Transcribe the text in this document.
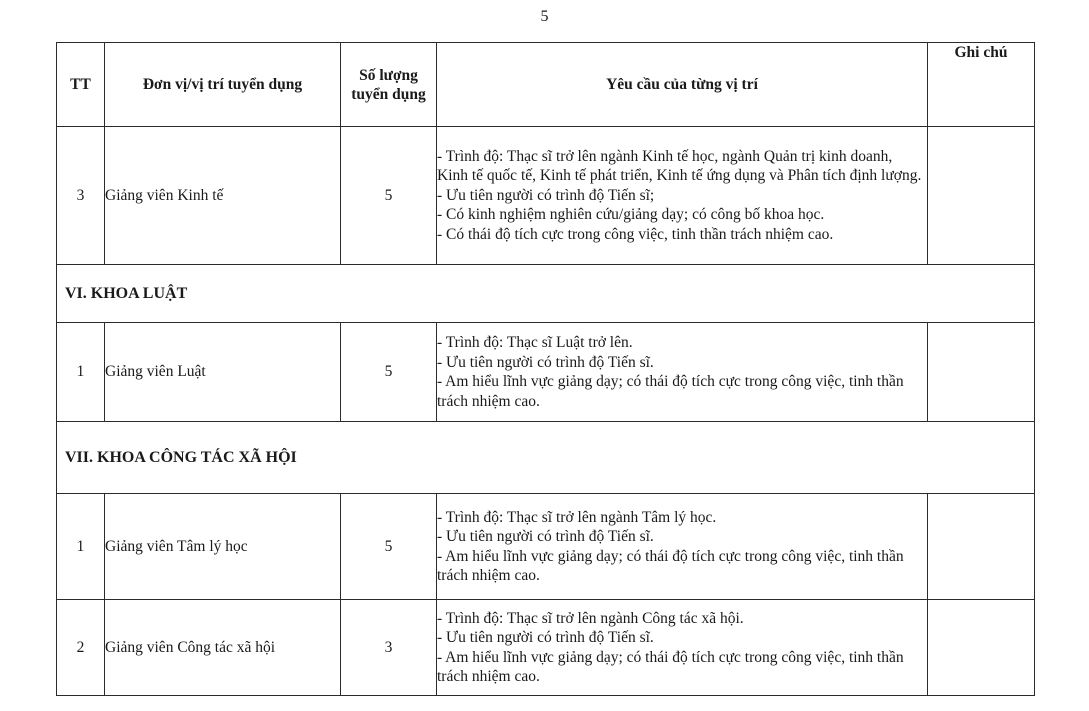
5
TT	Đơn vị/vị trí tuyển dụng	Số lượng tuyển dụng	Yêu cầu của từng vị trí	Ghi chú
3	Giảng viên Kinh tế	5	- Trình độ: Thạc sĩ trở lên ngành Kinh tế học, ngành Quản trị kinh doanh, Kinh tế quốc tế, Kinh tế phát triển, Kinh tế ứng dụng và Phân tích định lượng.
- Ưu tiên người có trình độ Tiến sĩ;
- Có kinh nghiệm nghiên cứu/giảng dạy; có công bố khoa học.
- Có thái độ tích cực trong công việc, tinh thần trách nhiệm cao.	

VI. KHOA LUẬT				
1	Giảng viên Luật	5	- Trình độ: Thạc sĩ Luật trở lên.
- Ưu tiên người có trình độ Tiến sĩ.
- Am hiểu lĩnh vực giảng dạy; có thái độ tích cực trong công việc, tinh thần trách nhiệm cao.	

VII. KHOA CÔNG TÁC XÃ HỘI				
1	Giảng viên Tâm lý học	5	- Trình độ: Thạc sĩ trở lên ngành Tâm lý học.
- Ưu tiên người có trình độ Tiến sĩ.
- Am hiểu lĩnh vực giảng dạy; có thái độ tích cực trong công việc, tinh thần trách nhiệm cao.	

2	Giảng viên Công tác xã hội	3	- Trình độ: Thạc sĩ trở lên ngành Công tác xã hội.
- Ưu tiên người có trình độ Tiến sĩ.
- Am hiểu lĩnh vực giảng dạy; có thái độ tích cực trong công việc, tinh thần trách nhiệm cao.	
